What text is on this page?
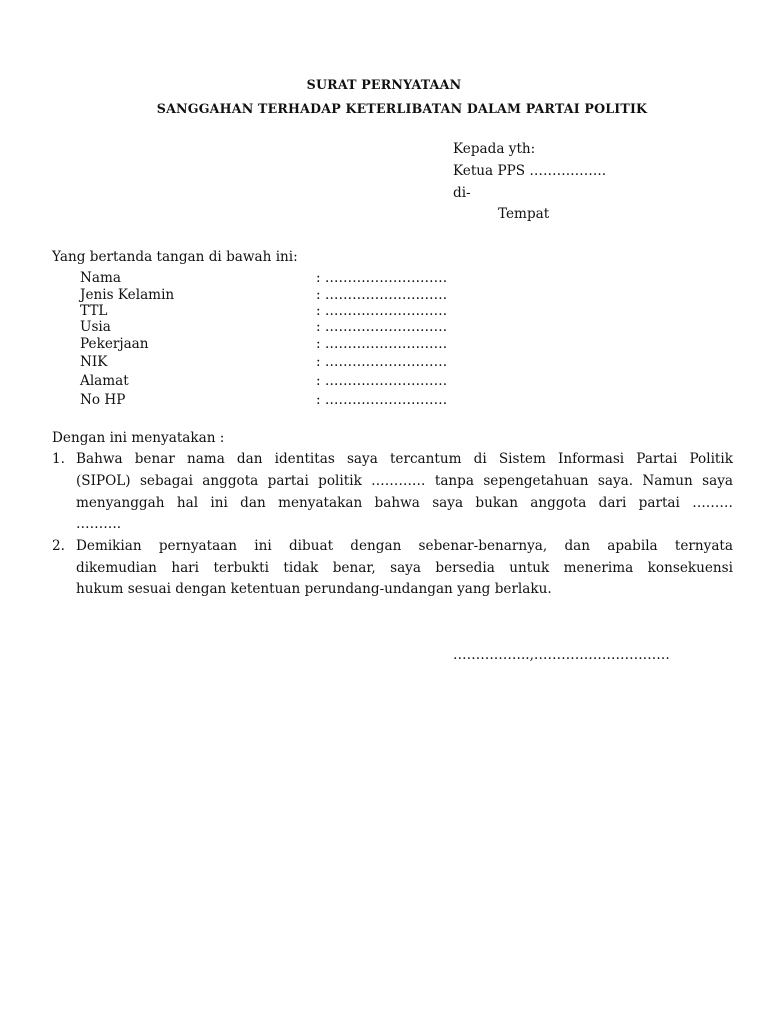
SURAT PERNYATAAN
SANGGAHAN TERHADAP KETERLIBATAN DALAM PARTAI POLITIK
Kepada yth:
Ketua PPS ……………..
di-
Tempat
Yang bertanda tangan di bawah ini:
Nama	: ………………………
Jenis Kelamin	: ………………………
TTL	: ………………………
Usia	: ………………………
Pekerjaan	: ………………………
NIK	: ………………………
Alamat	: ………………………
No HP	: ………………………
Dengan ini menyatakan :
1. Bahwa benar nama dan identitas saya tercantum di Sistem Informasi Partai Politik
(SIPOL) sebagai anggota partai politik ………… tanpa sepengetahuan saya. Namun saya
menyanggah hal ini dan menyatakan bahwa saya bukan anggota dari partai ………
……….
2. Demikian pernyataan ini dibuat dengan sebenar-benarnya, dan apabila ternyata
dikemudian hari terbukti tidak benar, saya bersedia untuk menerima konsekuensi
hukum sesuai dengan ketentuan perundang-undangan yang berlaku.
……………..,…………………………
